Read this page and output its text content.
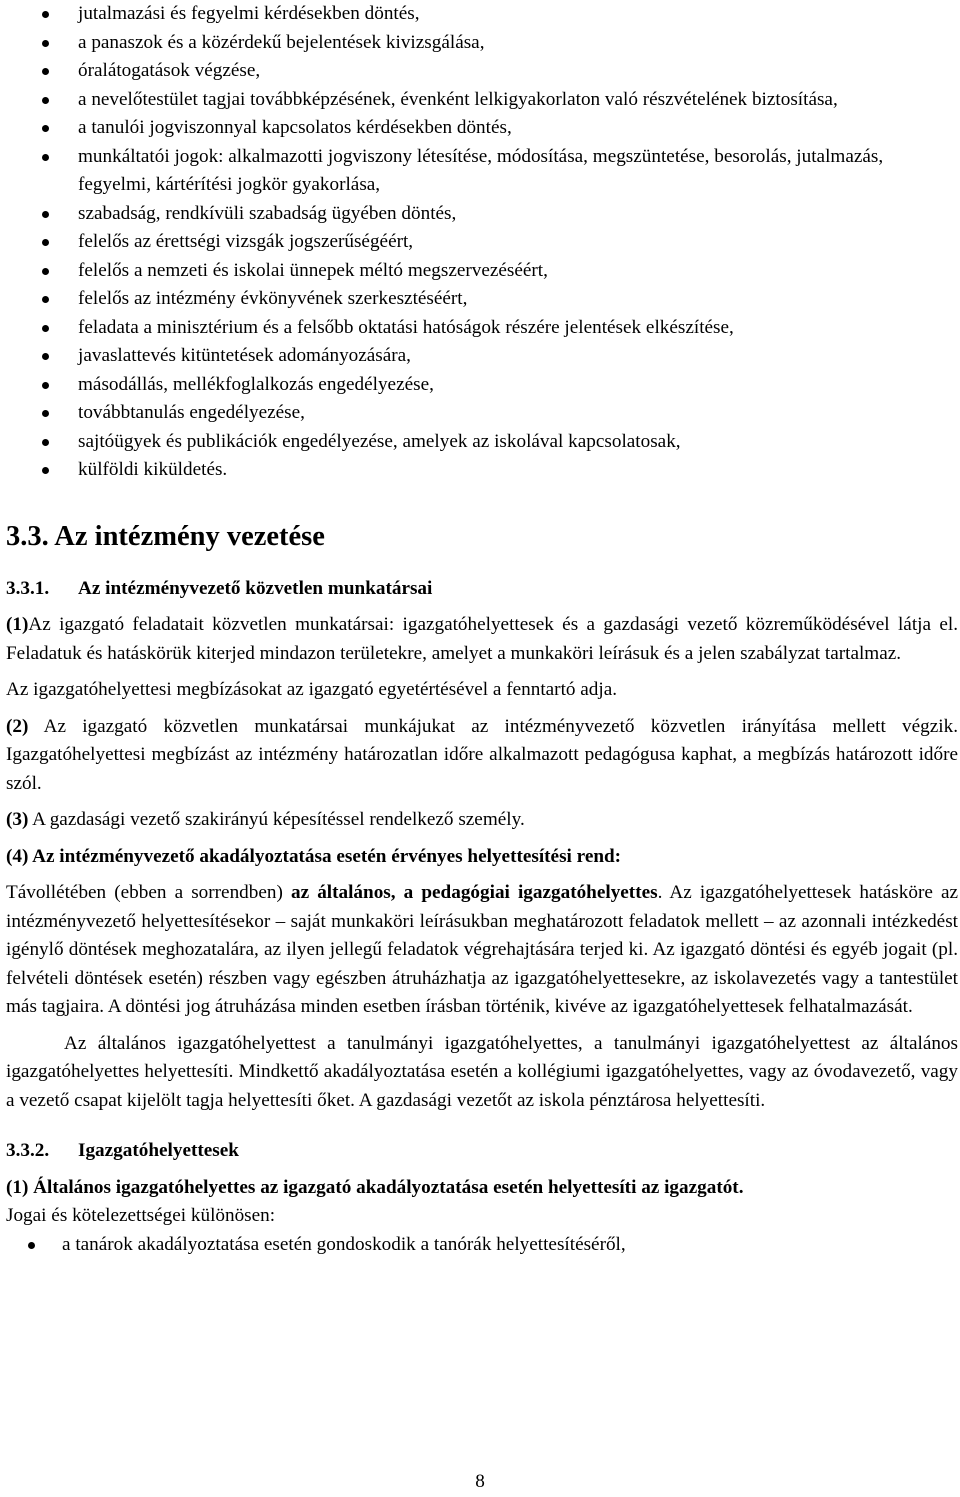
jutalmazási és fegyelmi kérdésekben döntés,
a panaszok és a közérdekű bejelentések kivizsgálása,
óralátogatások végzése,
a nevelőtestület tagjai továbbképzésének, évenként lelkigyakorlaton való részvételének biztosítása,
a tanulói jogviszonnyal kapcsolatos kérdésekben döntés,
munkáltatói jogok: alkalmazotti jogviszony létesítése, módosítása, megszüntetése, besorolás, jutalmazás, fegyelmi, kártérítési jogkör gyakorlása,
szabadság, rendkívüli szabadság ügyében döntés,
felelős az érettségi vizsgák jogszerűségéért,
felelős a nemzeti és iskolai ünnepek méltó megszervezéséért,
felelős az intézmény évkönyvének szerkesztéséért,
feladata a minisztérium és a felsőbb oktatási hatóságok részére jelentések elkészítése,
javaslattevés kitüntetések adományozására,
másodállás, mellékfoglalkozás engedélyezése,
továbbtanulás engedélyezése,
sajtóügyek és publikációk engedélyezése, amelyek az iskolával kapcsolatosak,
külföldi kiküldetés.
3.3. Az intézmény vezetése
3.3.1. Az intézményvezető közvetlen munkatársai

(1)Az igazgató feladatait közvetlen munkatársai: igazgatóhelyettesek és a gazdasági vezető közreműködésével látja el. Feladatuk és hatáskörük kiterjed mindazon területekre, amelyet a munkaköri leírásuk és a jelen szabályzat tartalmaz.

Az igazgatóhelyettesi megbízásokat az igazgató egyetértésével a fenntartó adja.

(2) Az igazgató közvetlen munkatársai munkájukat az intézményvezető közvetlen irányítása mellett végzik. Igazgatóhelyettesi megbízást az intézmény határozatlan időre alkalmazott pedagógusa kaphat, a megbízás határozott időre szól.

(3) A gazdasági vezető szakirányú képesítéssel rendelkező személy.

(4) Az intézményvezető akadályoztatása esetén érvényes helyettesítési rend:

Távollétében (ebben a sorrendben) az általános, a pedagógiai igazgatóhelyettes. Az igazgatóhelyettesek hatásköre az intézményvezető helyettesítésekor – saját munkaköri leírásukban meghatározott feladatok mellett – az azonnali intézkedést igénylő döntések meghozatalára, az ilyen jellegű feladatok végrehajtására terjed ki. Az igazgató döntési és egyéb jogait (pl. felvételi döntések esetén) részben vagy egészben átruházhatja az igazgatóhelyettesekre, az iskolavezetés vagy a tantestület más tagjaira. A döntési jog átruházása minden esetben írásban történik, kivéve az igazgatóhelyettesek felhatalmazását.

Az általános igazgatóhelyettest a tanulmányi igazgatóhelyettes, a tanulmányi igazgatóhelyettest az általános igazgatóhelyettes helyettesíti. Mindkettő akadályoztatása esetén a kollégiumi igazgatóhelyettes, vagy az óvodavezető, vagy a vezető csapat kijelölt tagja helyettesíti őket. A gazdasági vezetőt az iskola pénztárosa helyettesíti.

3.3.2. Igazgatóhelyettesek

(1) Általános igazgatóhelyettes az igazgató akadályoztatása esetén helyettesíti az igazgatót.

Jogai és kötelezettségei különösen:

a tanárok akadályoztatása esetén gondoskodik a tanórák helyettesítéséről,
8
